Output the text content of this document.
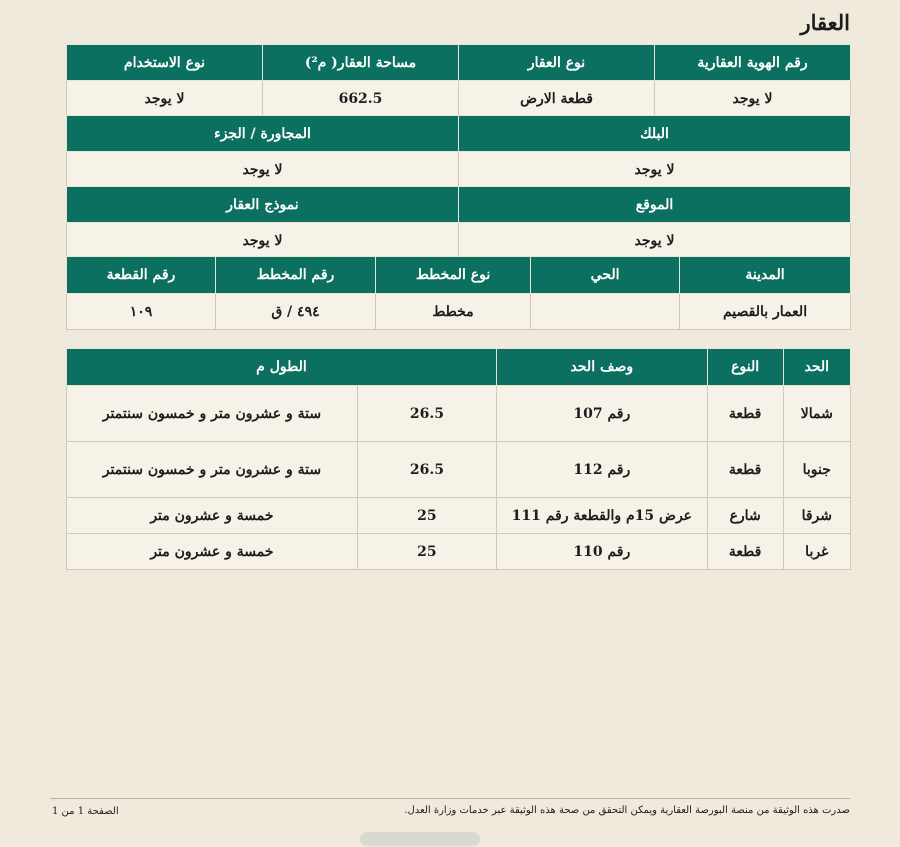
العقار
رقم الهوية العقارية	نوع العقار	مساحة العقار( م²)	نوع الاستخدام
لا يوجد	قطعة الارض	662.5	لا يوجد
البلك	المجاورة / الجزء
لا يوجد	لا يوجد
الموقع	نموذج العقار
لا يوجد	لا يوجد
المدينة	الحي	نوع المخطط	رقم المخطط	رقم القطعة
العمار بالقصيم		مخطط	٤٩٤ / ق	١٠٩
الحد	النوع	وصف الحد	الطول م	
شمالا	قطعة	رقم 107	26.5	ستة و عشرون متر و خمسون سنتمتر
جنوبا	قطعة	رقم 112	26.5	ستة و عشرون متر و خمسون سنتمتر
شرقا	شارع	عرض 15م والقطعة رقم 111	25	خمسة و عشرون متر
غربا	قطعة	رقم 110	25	خمسة و عشرون متر
صدرت هذه الوثيقة من منصة البورصة العقارية ويمكن التحقق من صحة هذه الوثيقة عبر خدمات وزارة العدل.
الصفحة 1 من 1
